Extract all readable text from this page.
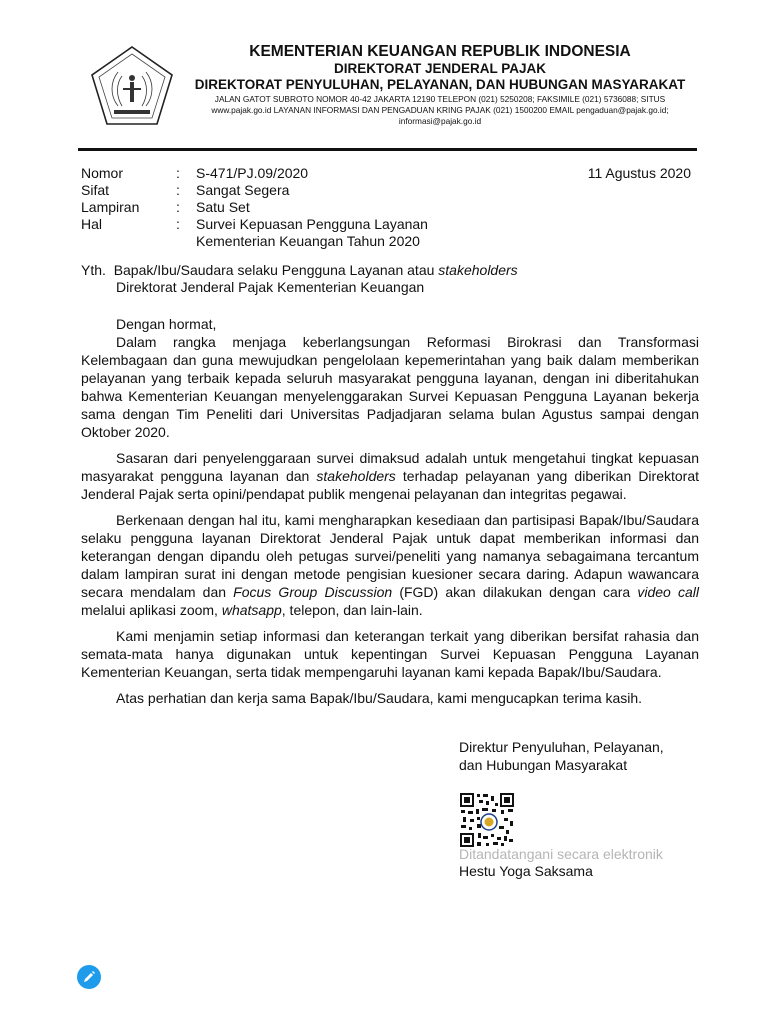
KEMENTERIAN KEUANGAN REPUBLIK INDONESIA
DIREKTORAT JENDERAL PAJAK
DIREKTORAT PENYULUHAN, PELAYANAN, DAN HUBUNGAN MASYARAKAT
JALAN GATOT SUBROTO NOMOR 40-42 JAKARTA 12190 TELEPON (021) 5250208; FAKSIMILE (021) 5736088; SITUS
www.pajak.go.id LAYANAN INFORMASI DAN PENGADUAN KRING PAJAK (021) 1500200 EMAIL pengaduan@pajak.go.id;
informasi@pajak.go.id
Nomor	:	S-471/PJ.09/2020
Sifat	:	Sangat Segera
Lampiran	:	Satu Set
Hal	:	Survei Kepuasan Pengguna Layanan
Kementerian Keuangan Tahun 2020
11 Agustus 2020
Yth. Bapak/Ibu/Saudara selaku Pengguna Layanan atau stakeholders
Direktorat Jenderal Pajak Kementerian Keuangan

Dengan hormat,

Dalam rangka menjaga keberlangsungan Reformasi Birokrasi dan Transformasi Kelembagaan dan guna mewujudkan pengelolaan kepemerintahan yang baik dalam memberikan pelayanan yang terbaik kepada seluruh masyarakat pengguna layanan, dengan ini diberitahukan bahwa Kementerian Keuangan menyelenggarakan Survei Kepuasan Pengguna Layanan bekerja sama dengan Tim Peneliti dari Universitas Padjadjaran selama bulan Agustus sampai dengan Oktober 2020.

Sasaran dari penyelenggaraan survei dimaksud adalah untuk mengetahui tingkat kepuasan masyarakat pengguna layanan dan stakeholders terhadap pelayanan yang diberikan Direktorat Jenderal Pajak serta opini/pendapat publik mengenai pelayanan dan integritas pegawai.

Berkenaan dengan hal itu, kami mengharapkan kesediaan dan partisipasi Bapak/Ibu/Saudara selaku pengguna layanan Direktorat Jenderal Pajak untuk dapat memberikan informasi dan keterangan dengan dipandu oleh petugas survei/peneliti yang namanya sebagaimana tercantum dalam lampiran surat ini dengan metode pengisian kuesioner secara daring. Adapun wawancara secara mendalam dan Focus Group Discussion (FGD) akan dilakukan dengan cara video call melalui aplikasi zoom, whatsapp, telepon, dan lain-lain.

Kami menjamin setiap informasi dan keterangan terkait yang diberikan bersifat rahasia dan semata-mata hanya digunakan untuk kepentingan Survei Kepuasan Pengguna Layanan Kementerian Keuangan, serta tidak mempengaruhi layanan kami kepada Bapak/Ibu/Saudara.

Atas perhatian dan kerja sama Bapak/Ibu/Saudara, kami mengucapkan terima kasih.

Direktur Penyuluhan, Pelayanan,
dan Hubungan Masyarakat
Ditandatangani secara elektronik
Hestu Yoga Saksama
